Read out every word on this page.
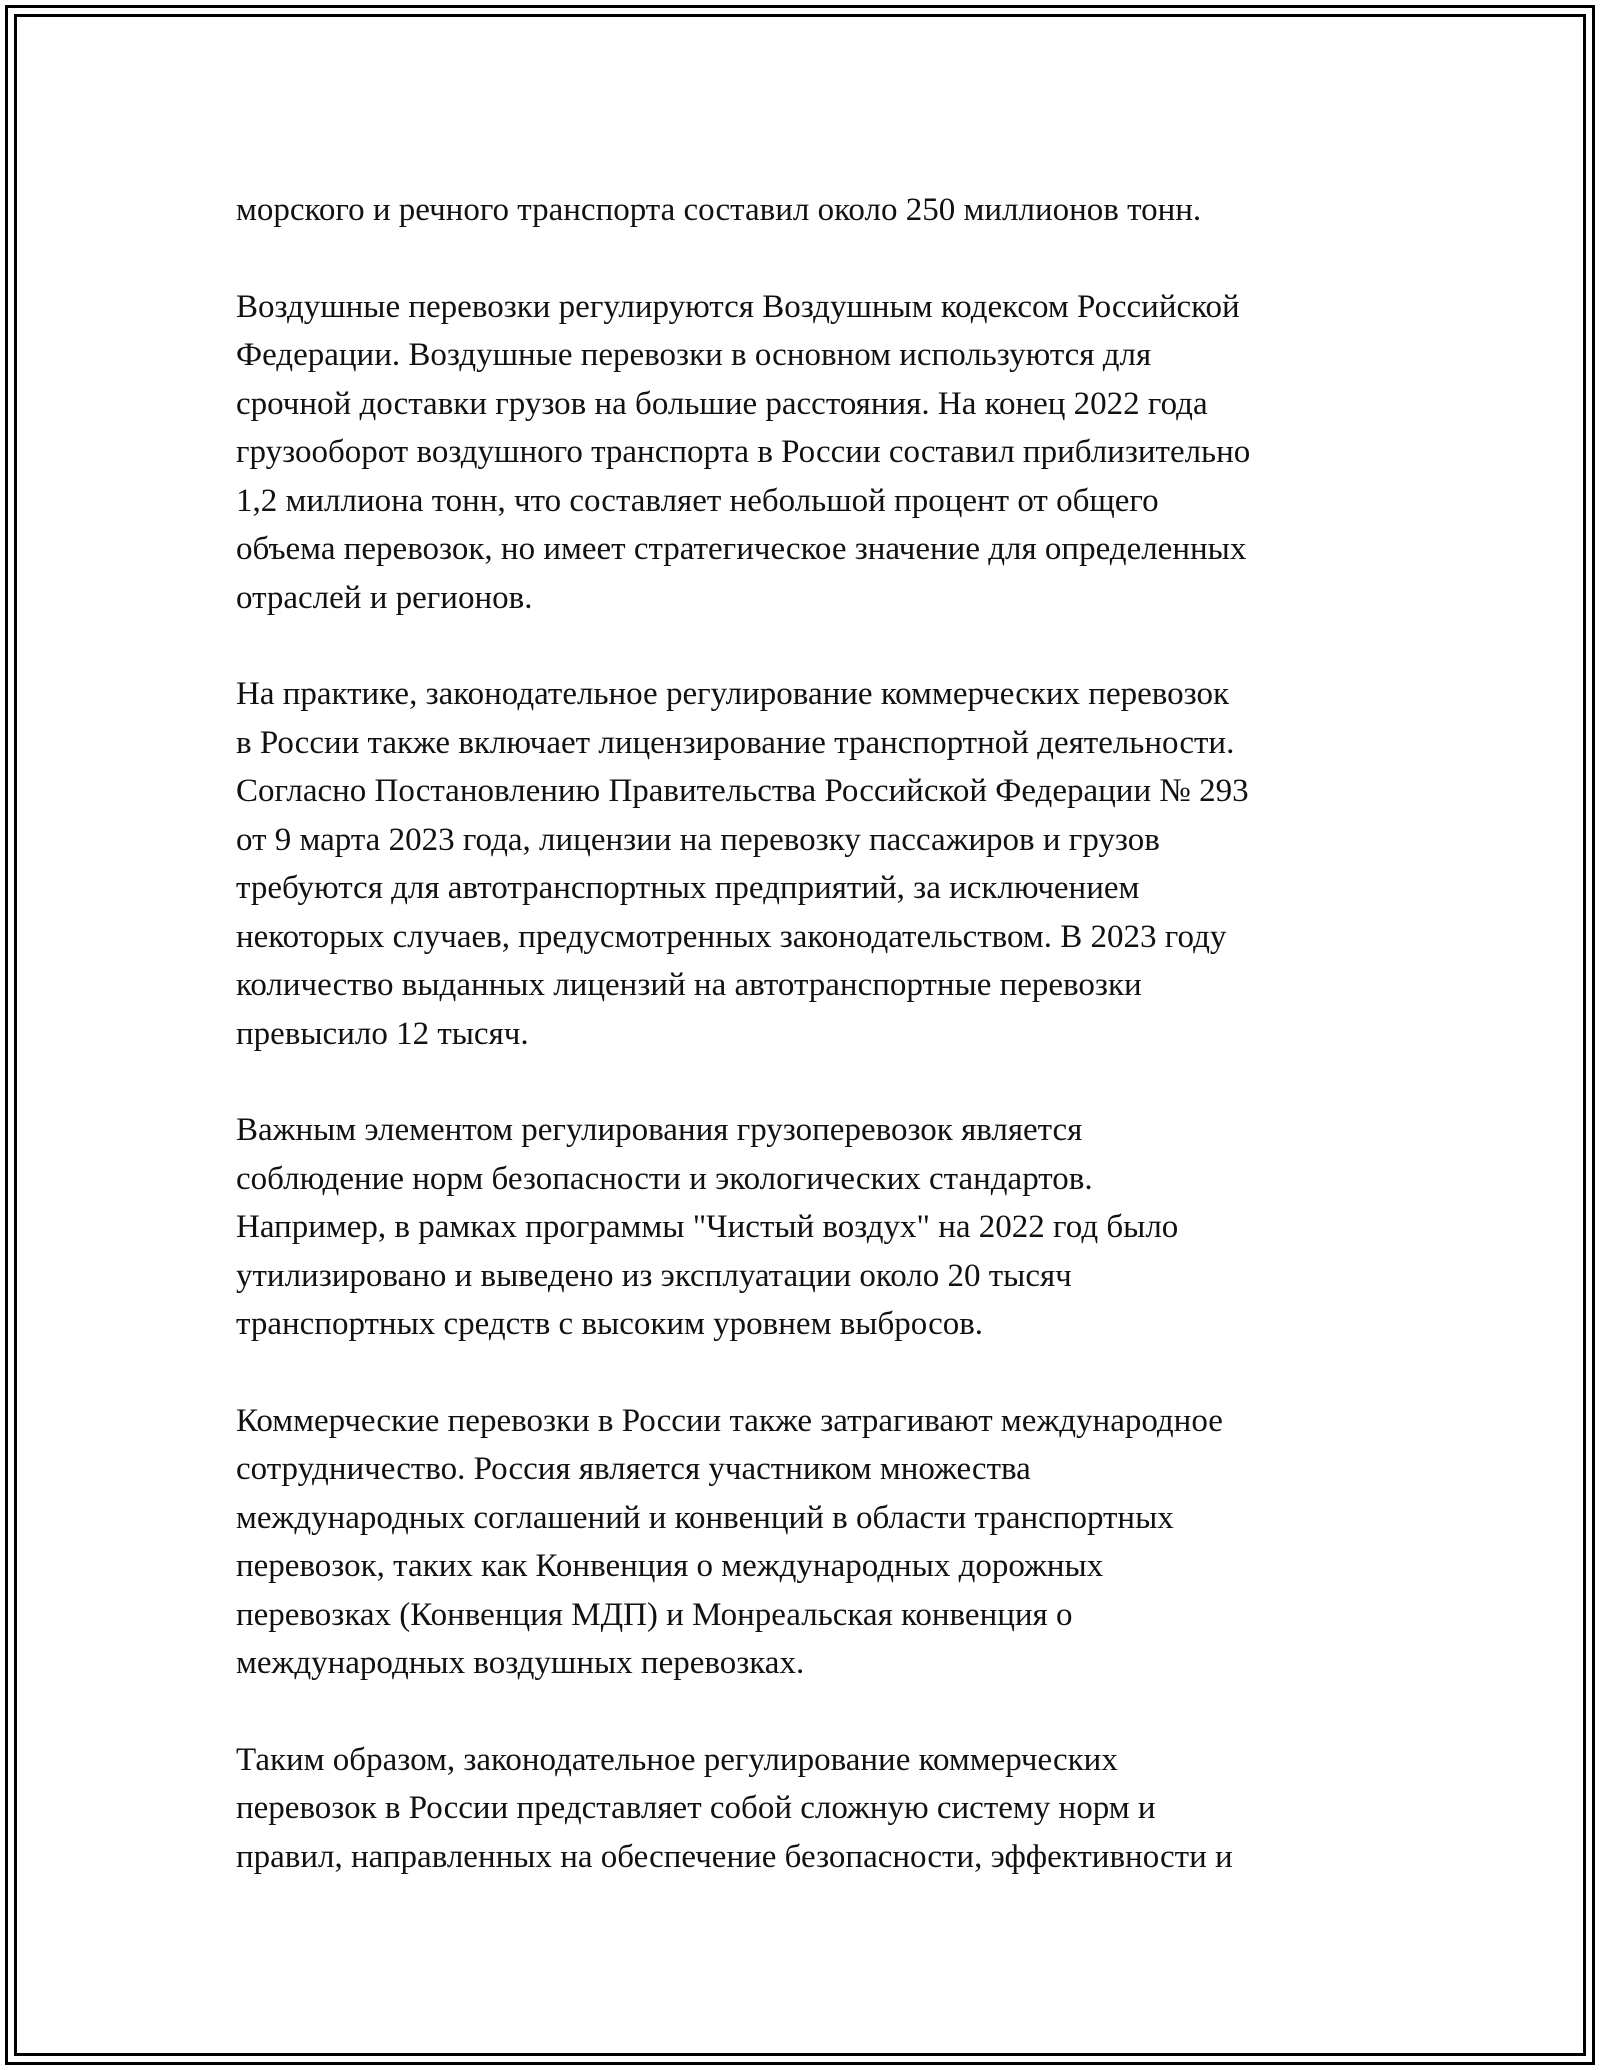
морского и речного транспорта составил около 250 миллионов тонн.
Воздушные перевозки регулируются Воздушным кодексом Российской
Федерации. Воздушные перевозки в основном используются для
срочной доставки грузов на большие расстояния. На конец 2022 года
грузооборот воздушного транспорта в России составил приблизительно
1,2 миллиона тонн, что составляет небольшой процент от общего
объема перевозок, но имеет стратегическое значение для определенных
отраслей и регионов.
На практике, законодательное регулирование коммерческих перевозок
в России также включает лицензирование транспортной деятельности.
Согласно Постановлению Правительства Российской Федерации № 293
от 9 марта 2023 года, лицензии на перевозку пассажиров и грузов
требуются для автотранспортных предприятий, за исключением
некоторых случаев, предусмотренных законодательством. В 2023 году
количество выданных лицензий на автотранспортные перевозки
превысило 12 тысяч.
Важным элементом регулирования грузоперевозок является
соблюдение норм безопасности и экологических стандартов.
Например, в рамках программы "Чистый воздух" на 2022 год было
утилизировано и выведено из эксплуатации около 20 тысяч
транспортных средств с высоким уровнем выбросов.
Коммерческие перевозки в России также затрагивают международное
сотрудничество. Россия является участником множества
международных соглашений и конвенций в области транспортных
перевозок, таких как Конвенция о международных дорожных
перевозках (Конвенция МДП) и Монреальская конвенция о
международных воздушных перевозках.
Таким образом, законодательное регулирование коммерческих
перевозок в России представляет собой сложную систему норм и
правил, направленных на обеспечение безопасности, эффективности и
